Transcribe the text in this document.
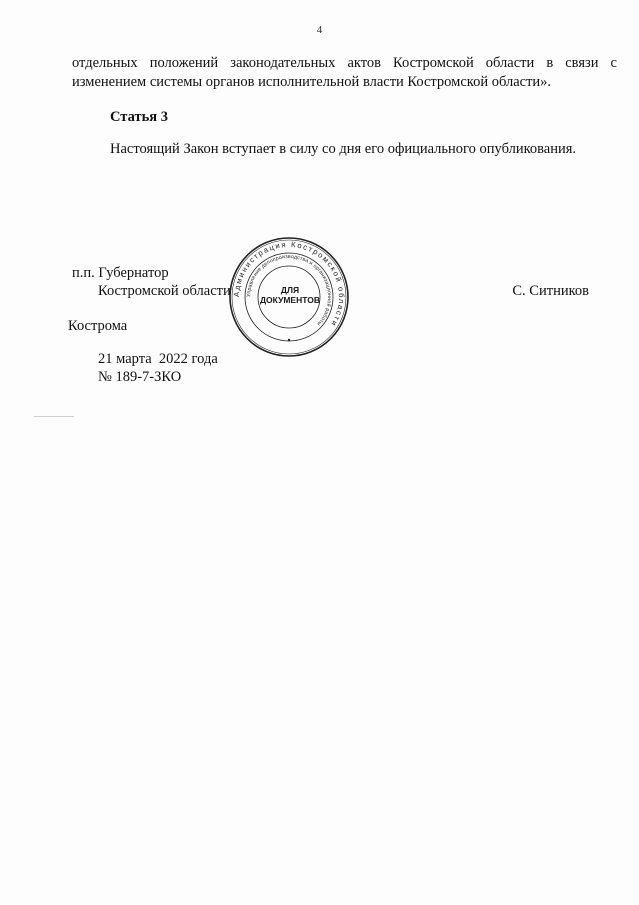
4
отдельных положений законодательных актов Костромской области в связи с
изменением системы органов исполнительной власти Костромской области».
Статья 3
Настоящий Закон вступает в силу со дня его официального опубликования.
п.п. Губернатор
Костромской области	С. Ситников
Администрация Костромской области
Управление делопроизводства и организационной работы
ДЛЯ
ДОКУМЕНТОВ
Кострома
21 марта  2022 года
№ 189-7-ЗКО
